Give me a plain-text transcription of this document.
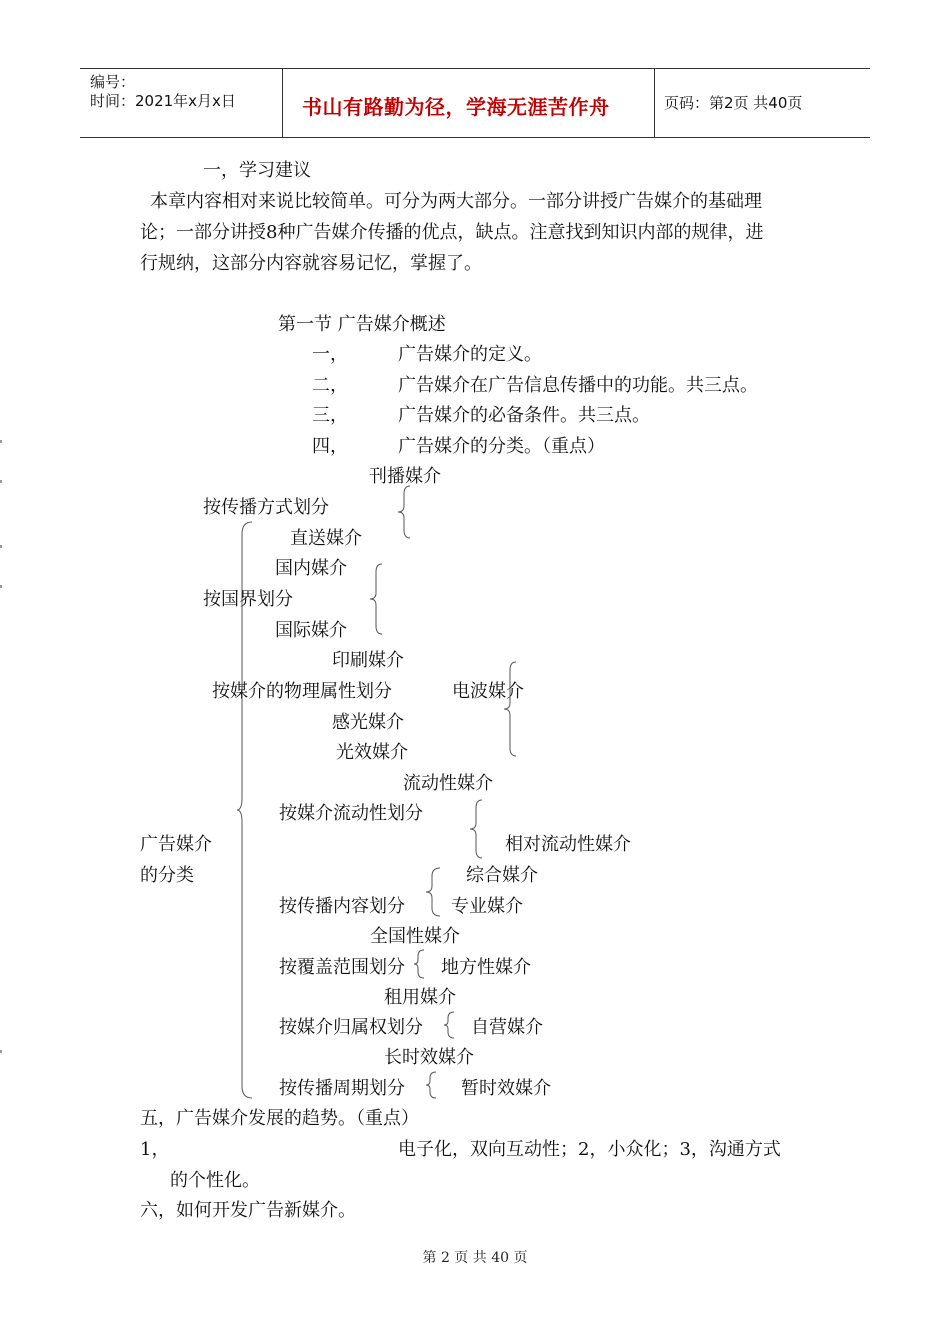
编号：
时间：2021年x月x日	书山有路勤为径，学海无涯苦作舟	页码：第2页 共40页
一，学习建议
本章内容相对来说比较简单。可分为两大部分。一部分讲授广告媒介的基础理
论；一部分讲授8种广告媒介传播的优点，缺点。注意找到知识内部的规律，进
行规纳，这部分内容就容易记忆，掌握了。
第一节 广告媒介概述
一，	广告媒介的定义。
二，	广告媒介在广告信息传播中的功能。共三点。
三，	广告媒介的必备条件。共三点。
四，	广告媒介的分类。（重点）
广告媒介
的分类
刊播媒介
按传播方式划分
直送媒介
国内媒介
按国界划分
国际媒介
印刷媒介
按媒介的物理属性划分	电波媒介
感光媒介
光效媒介
流动性媒介
按媒介流动性划分
相对流动性媒介
综合媒介
按传播内容划分	专业媒介
全国性媒介
按覆盖范围划分 地方性媒介
租用媒介
按媒介归属权划分	自营媒介
长时效媒介
按传播周期划分	暂时效媒介
五，广告媒介发展的趋势。（重点）
1，	电子化，双向互动性；2，小众化；3，沟通方式
的个性化。
六，如何开发广告新媒介。
第 2 页 共 40 页
